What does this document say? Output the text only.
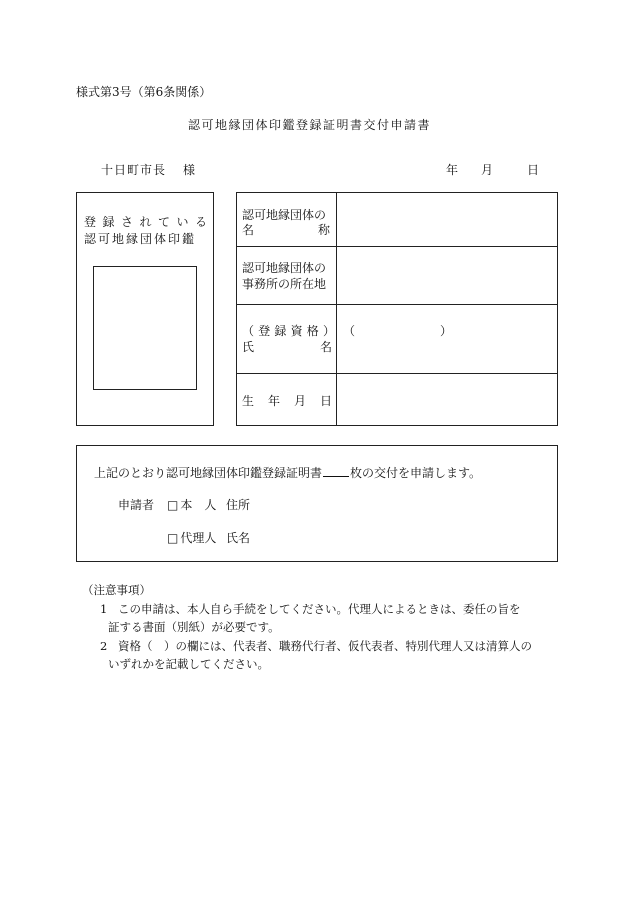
様式第3号（第6条関係）
認可地縁団体印鑑登録証明書交付申請書
十日町市長 様	年 月	日
登録されている
認可地縁団体印鑑
認可地縁団体の
名	称
認可地縁団体の
事務所の所在地
（登録資格）
氏	名
（	）
生 年 月 日
上記のとおり認可地縁団体印鑑登録証明書 枚の交付を申請します。
申請者 □ 本　人 住所
□ 代理人 氏名
（注意事項）
1 この申請は、本人自ら手続をしてください。代理人によるときは、委任の旨を
証する書面（別紙）が必要です。
2 資格（　）の欄には、代表者、職務代行者、仮代表者、特別代理人又は清算人の
いずれかを記載してください。
